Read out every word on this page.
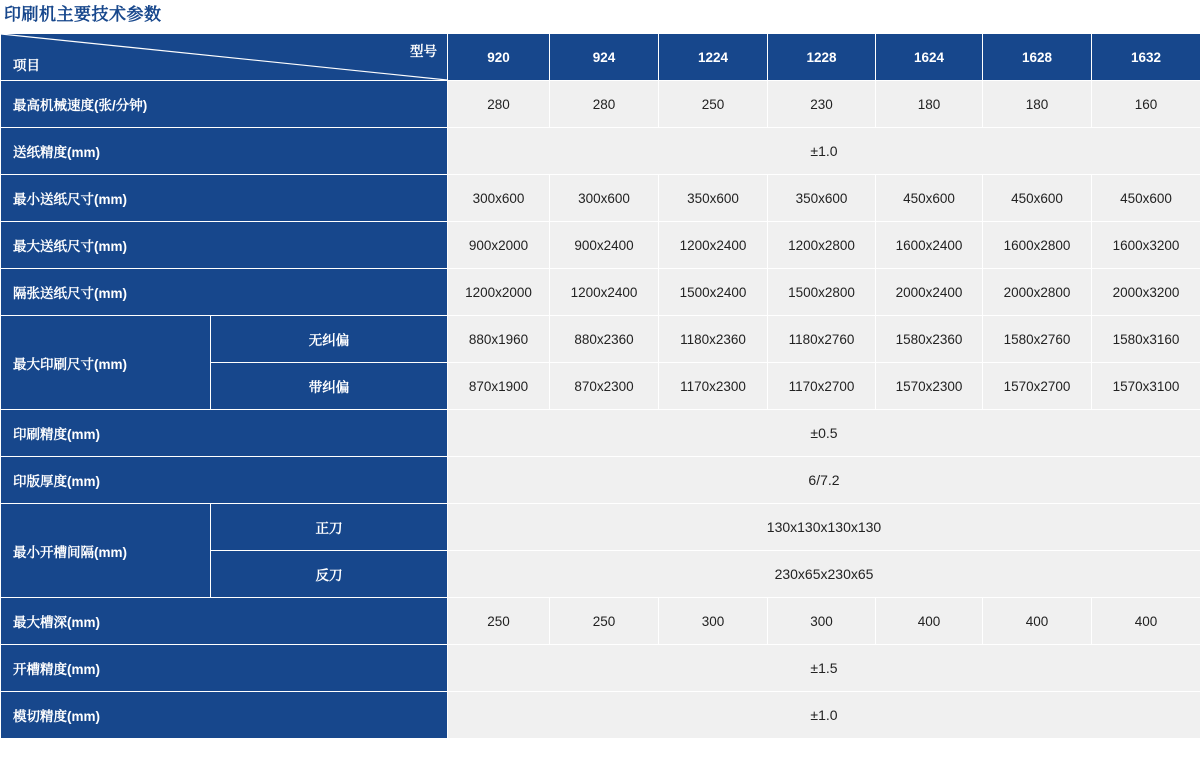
印刷机主要技术参数
型号
项目		920	924	1224	1228	1624	1628	1632
最高机械速度(张/分钟)		280	280	250	230	180	180	160
送纸精度(mm)		±1.0						
最小送纸尺寸(mm)		300x600	300x600	350x600	350x600	450x600	450x600	450x600
最大送纸尺寸(mm)		900x2000	900x2400	1200x2400	1200x2800	1600x2400	1600x2800	1600x3200
隔张送纸尺寸(mm)		1200x2000	1200x2400	1500x2400	1500x2800	2000x2400	2000x2800	2000x3200
最大印刷尺寸(mm)	无纠偏	880x1960	880x2360	1180x2360	1180x2760	1580x2360	1580x2760	1580x3160
	带纠偏	870x1900	870x2300	1170x2300	1170x2700	1570x2300	1570x2700	1570x3100
印刷精度(mm)		±0.5						
印版厚度(mm)		6/7.2						
最小开槽间隔(mm)	正刀	130x130x130x130						
	反刀	230x65x230x65						
最大槽深(mm)		250	250	300	300	400	400	400
开槽精度(mm)		±1.5						
模切精度(mm)		±1.0						
